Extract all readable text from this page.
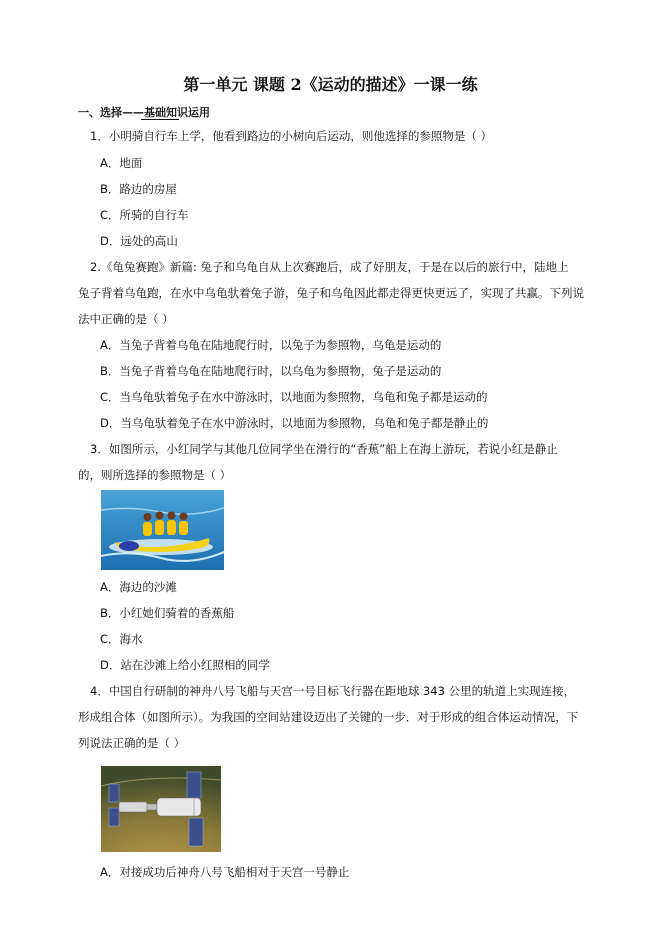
第一单元 课题 2《运动的描述》一课一练
一、选择——基础知识运用
1．小明骑自行车上学，他看到路边的小树向后运动，则他选择的参照物是（ ）
A．地面
B．路边的房屋
C．所骑的自行车
D．远处的高山
2.《龟兔赛跑》新篇: 兔子和乌龟自从上次赛跑后，成了好朋友，于是在以后的旅行中，陆地上
兔子背着乌龟跑，在水中乌龟驮着兔子游，兔子和乌龟因此都走得更快更远了，实现了共赢。下列说
法中正确的是（ ）
A．当兔子背着乌龟在陆地爬行时，以兔子为参照物，乌龟是运动的
B．当兔子背着乌龟在陆地爬行时，以乌龟为参照物，兔子是运动的
C．当乌龟驮着兔子在水中游泳时，以地面为参照物，乌龟和兔子都是运动的
D．当乌龟驮着兔子在水中游泳时，以地面为参照物，乌龟和兔子都是静止的
3．如图所示，小红同学与其他几位同学坐在滑行的“香蕉”船上在海上游玩，若说小红是静止
的，则所选择的参照物是（ ）
A．海边的沙滩
B．小红她们骑着的香蕉船
C．海水
D．站在沙滩上给小红照相的同学
4．中国自行研制的神舟八号飞船与天宫一号目标飞行器在距地球 343 公里的轨道上实现连接，
形成组合体（如图所示）。为我国的空间站建设迈出了关键的一步．对于形成的组合体运动情况，下
列说法正确的是（ ）
A．对接成功后神舟八号飞船相对于天宫一号静止
